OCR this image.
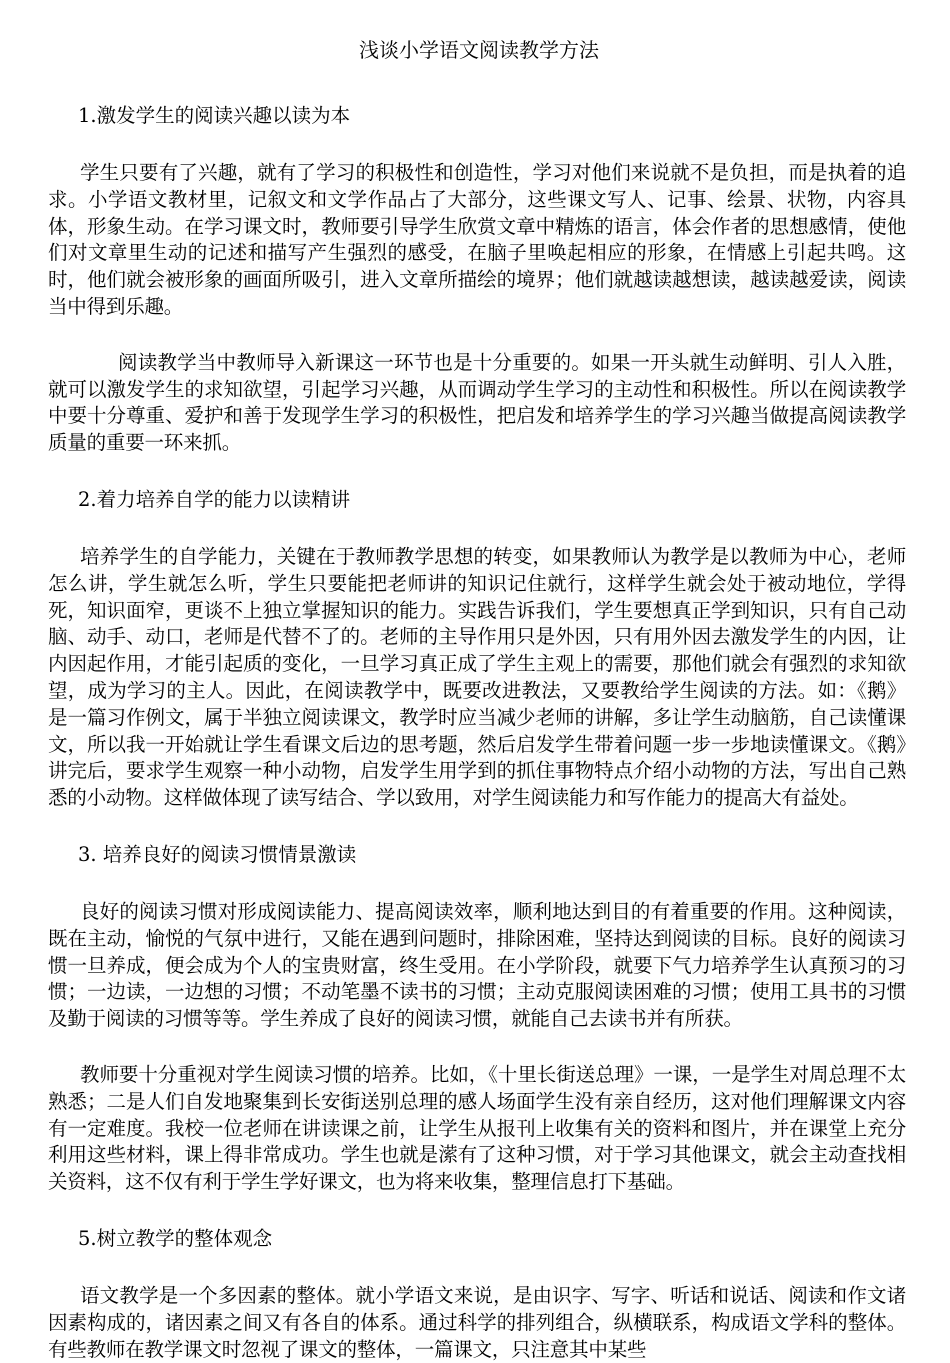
浅谈小学语文阅读教学方法
1.激发学生的阅读兴趣以读为本

学生只要有了兴趣，就有了学习的积极性和创造性，学习对他们来说就不是负担，而是执着的追求。小学语文教材里，记叙文和文学作品占了大部分，这些课文写人、记事、绘景、状物，内容具体，形象生动。在学习课文时，教师要引导学生欣赏文章中精炼的语言，体会作者的思想感情，使他们对文章里生动的记述和描写产生强烈的感受，在脑子里唤起相应的形象，在情感上引起共鸣。这时，他们就会被形象的画面所吸引，进入文章所描绘的境界；他们就越读越想读，越读越爱读，阅读当中得到乐趣。

阅读教学当中教师导入新课这一环节也是十分重要的。如果一开头就生动鲜明、引人入胜，就可以激发学生的求知欲望，引起学习兴趣，从而调动学生学习的主动性和积极性。所以在阅读教学中要十分尊重、爱护和善于发现学生学习的积极性，把启发和培养学生的学习兴趣当做提高阅读教学质量的重要一环来抓。

2.着力培养自学的能力以读精讲

培养学生的自学能力，关键在于教师教学思想的转变，如果教师认为教学是以教师为中心，老师怎么讲，学生就怎么听，学生只要能把老师讲的知识记住就行，这样学生就会处于被动地位，学得死，知识面窄，更谈不上独立掌握知识的能力。实践告诉我们，学生要想真正学到知识，只有自己动脑、动手、动口，老师是代替不了的。老师的主导作用只是外因，只有用外因去激发学生的内因，让内因起作用，才能引起质的变化，一旦学习真正成了学生主观上的需要，那他们就会有强烈的求知欲望，成为学习的主人。因此，在阅读教学中，既要改进教法，又要教给学生阅读的方法。如：《鹅》是一篇习作例文，属于半独立阅读课文，教学时应当减少老师的讲解，多让学生动脑筋，自己读懂课文，所以我一开始就让学生看课文后边的思考题，然后启发学生带着问题一步一步地读懂课文。《鹅》讲完后，要求学生观察一种小动物，启发学生用学到的抓住事物特点介绍小动物的方法，写出自己熟悉的小动物。这样做体现了读写结合、学以致用，对学生阅读能力和写作能力的提高大有益处。

3. 培养良好的阅读习惯情景激读

良好的阅读习惯对形成阅读能力、提高阅读效率，顺利地达到目的有着重要的作用。这种阅读，既在主动，愉悦的气氛中进行，又能在遇到问题时，排除困难，坚持达到阅读的目标。良好的阅读习惯一旦养成，便会成为个人的宝贵财富，终生受用。在小学阶段，就要下气力培养学生认真预习的习惯；一边读，一边想的习惯；不动笔墨不读书的习惯；主动克服阅读困难的习惯；使用工具书的习惯及勤于阅读的习惯等等。学生养成了良好的阅读习惯，就能自己去读书并有所获。

教师要十分重视对学生阅读习惯的培养。比如，《十里长街送总理》一课，一是学生对周总理不太熟悉；二是人们自发地聚集到长安街送别总理的感人场面学生没有亲自经历，这对他们理解课文内容有一定难度。我校一位老师在讲读课之前，让学生从报刊上收集有关的资料和图片，并在课堂上充分利用这些材料，课上得非常成功。学生也就是潆有了这种习惯，对于学习其他课文，就会主动查找相关资料，这不仅有利于学生学好课文，也为将来收集，整理信息打下基础。

5.树立教学的整体观念

语文教学是一个多因素的整体。就小学语文来说，是由识字、写字、听话和说话、阅读和作文诸因素构成的，诸因素之间又有各自的体系。通过科学的排列组合，纵横联系，构成语文学科的整体。有些教师在教学课文时忽视了课文的整体，一篇课文，只注意其中某些
